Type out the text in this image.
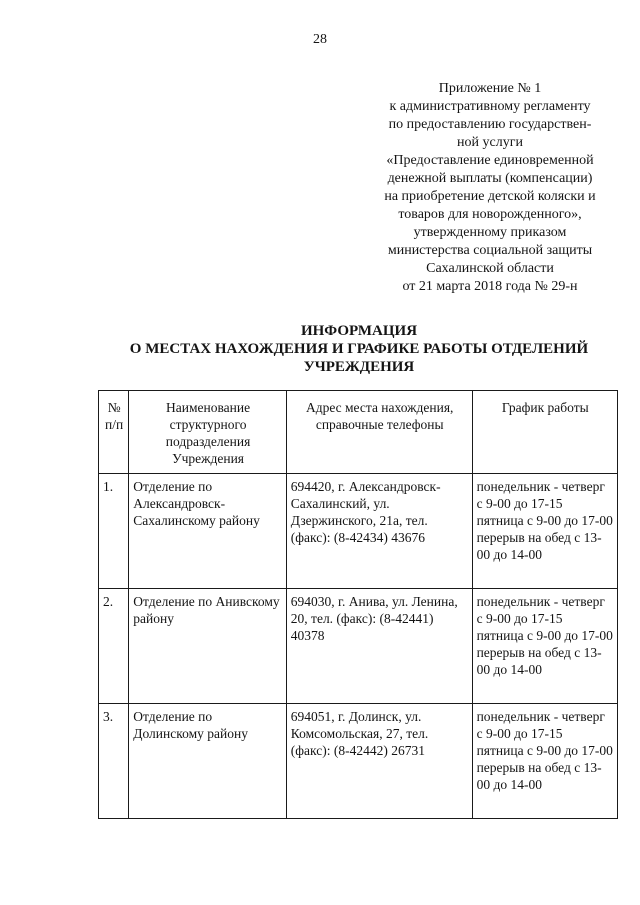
28
Приложение № 1
к административному регламенту
по предоставлению государствен-
ной услуги
«Предоставление единовременной
денежной выплаты (компенсации)
на приобретение детской коляски и
товаров для новорожденного»,
утвержденному приказом
министерства социальной защиты
Сахалинской области
от 21 марта 2018 года № 29-н
ИНФОРМАЦИЯ
О МЕСТАХ НАХОЖДЕНИЯ И ГРАФИКЕ РАБОТЫ ОТДЕЛЕНИЙ
УЧРЕЖДЕНИЯ
№ п/п	Наименование структурного подразделения Учреждения	Адрес места нахождения, справочные телефоны	График работы
1.	Отделение по Александровск-Сахалинскому району	694420, г. Александровск-Сахалинский, ул. Дзержинского, 21а, тел. (факс): (8-42434) 43676	понедельник - четверг с 9-00 до 17-15
пятница с 9-00 до 17-00
перерыв на обед с 13-00 до 14-00

2.	Отделение по Анивскому району	694030, г. Анива, ул. Ленина, 20, тел. (факс): (8-42441) 40378	понедельник - четверг с 9-00 до 17-15
пятница с 9-00 до 17-00
перерыв на обед с 13-00 до 14-00

3.	Отделение по Долинскому району	694051, г. Долинск, ул. Комсомольская, 27, тел. (факс): (8-42442) 26731	понедельник - четверг с 9-00 до 17-15
пятница с 9-00 до 17-00
перерыв на обед с 13-00 до 14-00
